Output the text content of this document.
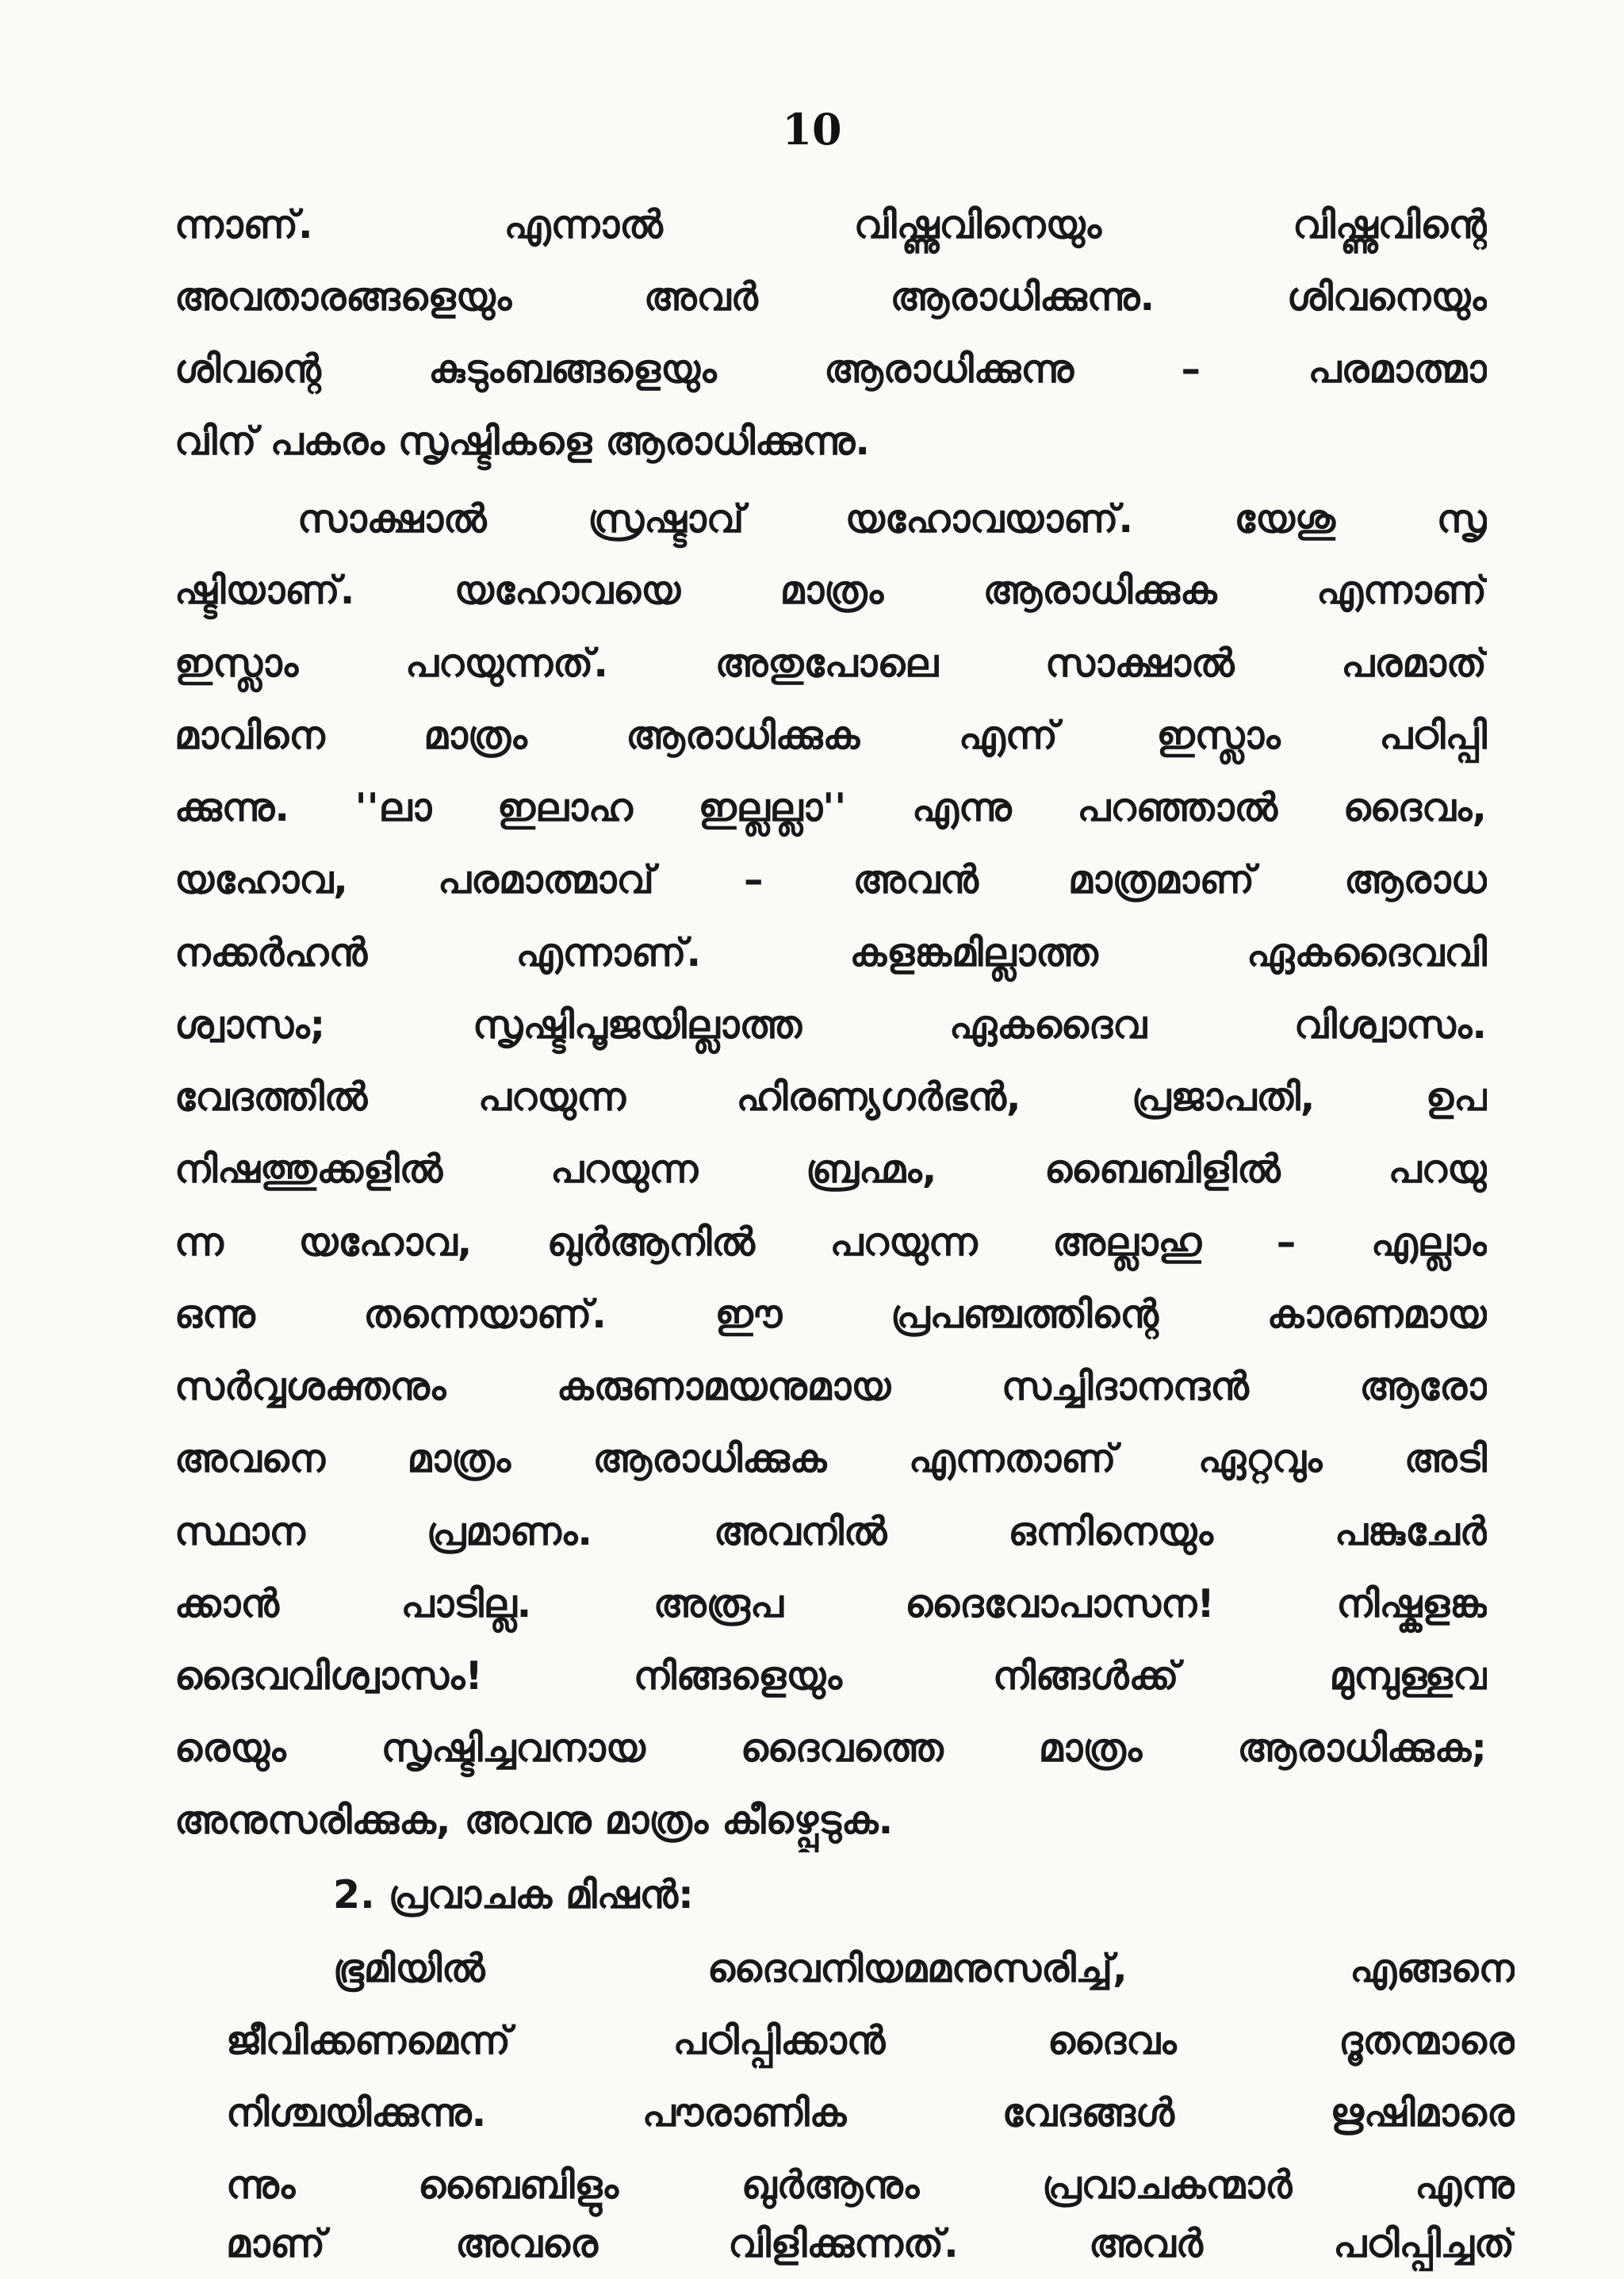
10
ന്നാണ്. എന്നാൽ വിഷ്ണുവിനെയും വിഷ്ണുവിന്റെ
അവതാരങ്ങളെയും അവർ ആരാധിക്കുന്നു. ശിവനെയും
ശിവന്റെ കുടുംബങ്ങളെയും ആരാധിക്കുന്നു – പരമാത്മാ
വിന് പകരം സൃഷ്ടികളെ ആരാധിക്കുന്നു.
സാക്ഷാൽ സ്രഷ്ടാവ് യഹോവയാണ്. യേശു സൃ
ഷ്ടിയാണ്. യഹോവയെ മാത്രം ആരാധിക്കുക എന്നാണ്
ഇസ്ലാം പറയുന്നത്. അതുപോലെ സാക്ഷാൽ പരമാത്
മാവിനെ മാത്രം ആരാധിക്കുക എന്ന് ഇസ്ലാം പഠിപ്പി
ക്കുന്നു. ''ലാ ഇലാഹ ഇല്ലല്ലാ'' എന്നു പറഞ്ഞാൽ ദൈവം,
യഹോവ, പരമാത്മാവ് – അവൻ മാത്രമാണ് ആരാധ
നക്കർഹൻ എന്നാണ്. കളങ്കമില്ലാത്ത ഏകദൈവവി
ശ്വാസം; സൃഷ്ടിപൂജയില്ലാത്ത ഏകദൈവ വിശ്വാസം.
വേദത്തിൽ പറയുന്ന ഹിരണ്യഗർഭൻ, പ്രജാപതി, ഉപ
നിഷത്തുക്കളിൽ പറയുന്ന ബ്രഹ്മം, ബൈബിളിൽ പറയു
ന്ന യഹോവ, ഖുർആനിൽ പറയുന്ന അല്ലാഹു – എല്ലാം
ഒന്നു തന്നെയാണ്. ഈ പ്രപഞ്ചത്തിന്റെ കാരണമായ
സർവ്വശക്തനും കരുണാമയനുമായ സച്ചിദാനന്ദൻ ആരോ
അവനെ മാത്രം ആരാധിക്കുക എന്നതാണ് ഏറ്റവും അടി
സ്ഥാന പ്രമാണം. അവനിൽ ഒന്നിനെയും പങ്കുചേർ
ക്കാൻ പാടില്ല. അരൂപ ദൈവോപാസന! നിഷ്കളങ്ക
ദൈവവിശ്വാസം! നിങ്ങളെയും നിങ്ങൾക്ക് മുമ്പുള്ളവ
രെയും സൃഷ്ടിച്ചവനായ ദൈവത്തെ മാത്രം ആരാധിക്കുക;
അനുസരിക്കുക, അവനു മാത്രം കീഴ്പ്പെടുക.
2. പ്രവാചക മിഷൻ:
ഭൂമിയിൽ ദൈവനിയമമനുസരിച്ച്, എങ്ങനെ
ജീവിക്കണമെന്ന് പഠിപ്പിക്കാൻ ദൈവം ദൂതന്മാരെ
നിശ്ചയിക്കുന്നു. പൗരാണിക വേദങ്ങൾ ഋഷിമാരെ
ന്നും ബൈബിളും ഖുർആനും പ്രവാചകന്മാർ എന്നു
മാണ് അവരെ വിളിക്കുന്നത്. അവർ പഠിപ്പിച്ചത്
